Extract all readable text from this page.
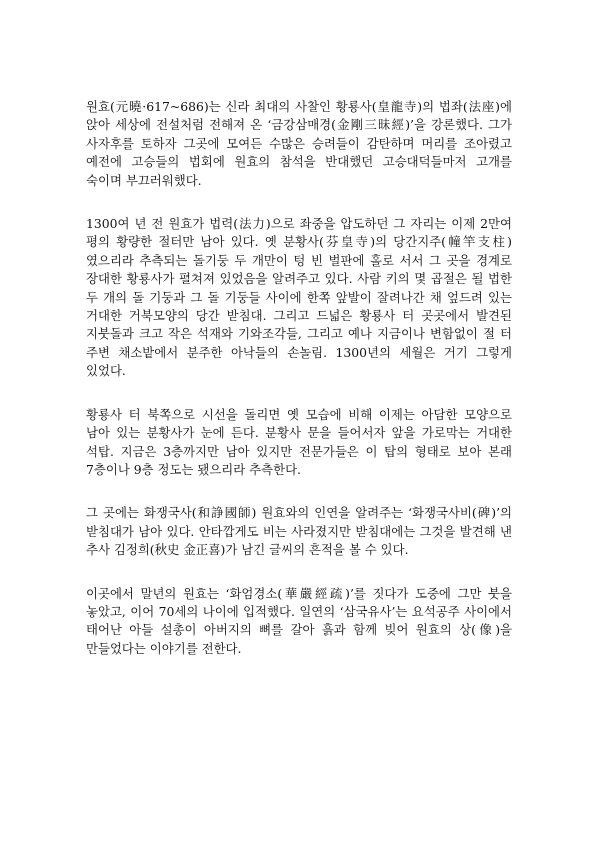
원효(元曉·617~686)는 신라 최대의 사찰인 황룡사(皇龍寺)의 법좌(法座)에 앉아 세상에 전설처럼 전해져 온 ‘금강삼매경(金剛三昧經)’을 강론했다. 그가 사자후를 토하자 그곳에 모여든 수많은 승려들이 감탄하며 머리를 조아렸고 예전에 고승들의 법회에 원효의 참석을 반대했던 고승대덕들마저 고개를 숙이며 부끄러워했다.

1300여 년 전 원효가 법력(法力)으로 좌중을 압도하던 그 자리는 이제 2만여 평의 황량한 절터만 남아 있다. 옛 분황사(芬皇寺)의 당간지주(幢竿支柱)였으리라 추측되는 돌기둥 두 개만이 텅 빈 벌판에 홀로 서서 그 곳을 경계로 장대한 황룡사가 펼쳐져 있었음을 알려주고 있다. 사람 키의 몇 곱절은 될 법한 두 개의 돌 기둥과 그 돌 기둥들 사이에 한쪽 앞발이 잘려나간 채 엎드려 있는 거대한 거북모양의 당간 받침대. 그리고 드넓은 황룡사 터 곳곳에서 발견된 지붓돌과 크고 작은 석재와 기와조각들, 그리고 예나 지금이나 변함없이 절 터 주변 채소밭에서 분주한 아낙들의 손놀림. 1300년의 세월은 거기 그렇게 있었다.

황룡사 터 북쪽으로 시선을 돌리면 옛 모습에 비해 이제는 아담한 모양으로 남아 있는 분황사가 눈에 든다. 분황사 문을 들어서자 앞을 가로막는 거대한 석탑. 지금은 3층까지만 남아 있지만 전문가들은 이 탑의 형태로 보아 본래 7층이나 9층 정도는 됐으리라 추측한다.

그 곳에는 화쟁국사(和諍國師) 원효와의 인연을 알려주는 ‘화쟁국사비(碑)’의 받침대가 남아 있다. 안타깝게도 비는 사라졌지만 받침대에는 그것을 발견해 낸 추사 김정희(秋史 金正喜)가 남긴 글씨의 흔적을 볼 수 있다.

이곳에서 말년의 원효는 ‘화엄경소(華嚴經疏)’를 짓다가 도중에 그만 붓을 놓았고, 이어 70세의 나이에 입적했다. 일연의 ‘삼국유사’는 요석공주 사이에서 태어난 아들 설총이 아버지의 뼈를 갈아 흙과 함께 빚어 원효의 상(像)을 만들었다는 이야기를 전한다.
